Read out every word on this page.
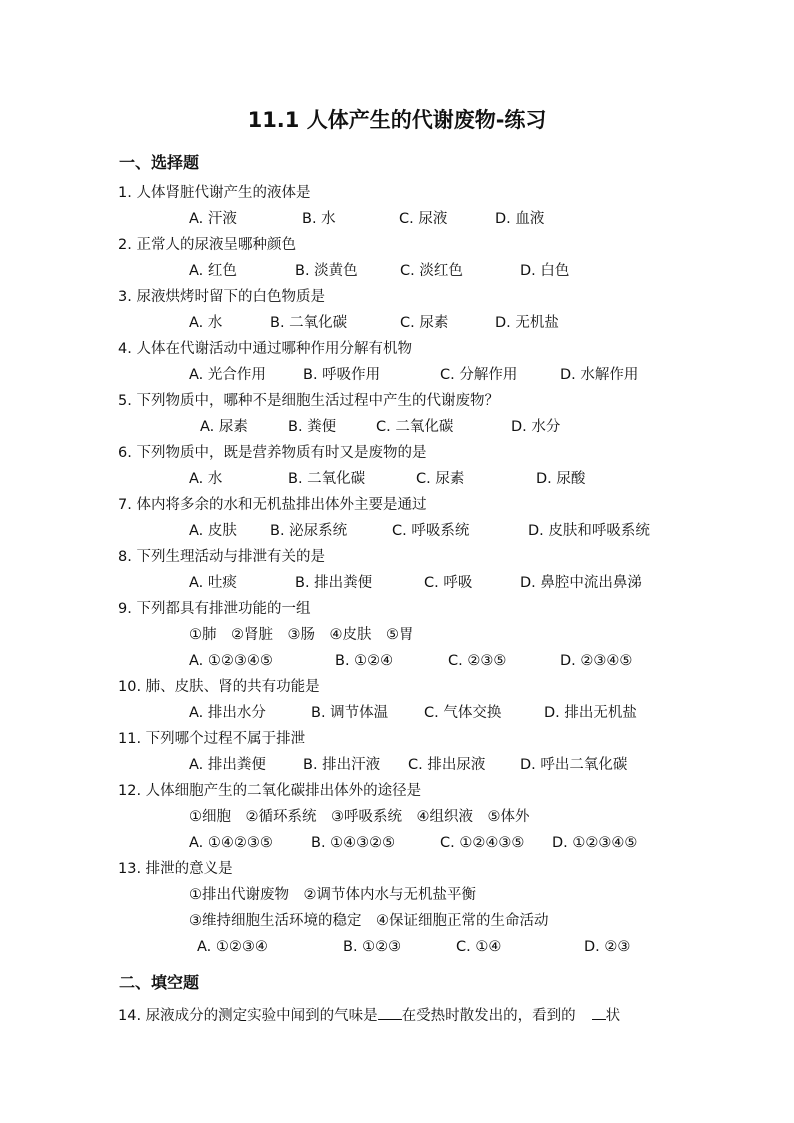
11.1 人体产生的代谢废物-练习
一、选择题
1. 人体肾脏代谢产生的液体是
A. 汗液	B. 水	C. 尿液	D. 血液
2. 正常人的尿液呈哪种颜色
A. 红色	B. 淡黄色	C. 淡红色	D. 白色
3. 尿液烘烤时留下的白色物质是
A. 水	B. 二氧化碳	C. 尿素	D. 无机盐
4. 人体在代谢活动中通过哪种作用分解有机物
A. 光合作用	B. 呼吸作用	C. 分解作用	D. 水解作用
5. 下列物质中，哪种不是细胞生活过程中产生的代谢废物？
A. 尿素	B. 粪便	C. 二氧化碳	D. 水分
6. 下列物质中，既是营养物质有时又是废物的是
A. 水	B. 二氧化碳	C. 尿素	D. 尿酸
7. 体内将多余的水和无机盐排出体外主要是通过
A. 皮肤 B. 泌尿系统	C. 呼吸系统	D. 皮肤和呼吸系统
8. 下列生理活动与排泄有关的是
A. 吐痰	B. 排出粪便	C. 呼吸	D. 鼻腔中流出鼻涕
9. 下列都具有排泄功能的一组
①肺　②肾脏　③肠　④皮肤　⑤胃
A. ①②③④⑤	B. ①②④	C. ②③⑤	D. ②③④⑤
10. 肺、皮肤、肾的共有功能是
A. 排出水分	B. 调节体温 C. 气体交换	D. 排出无机盐
11. 下列哪个过程不属于排泄
A. 排出粪便	B. 排出汗液 C. 排出尿液 D. 呼出二氧化碳
12. 人体细胞产生的二氧化碳排出体外的途径是
①细胞　②循环系统　③呼吸系统　④组织液　⑤体外
A. ①④②③⑤	B. ①④③②⑤	C. ①②④③⑤ D. ①②③④⑤
13. 排泄的意义是
①排出代谢废物　②调节体内水与无机盐平衡
③维持细胞生活环境的稳定　④保证细胞正常的生命活动
A. ①②③④	B. ①②③	C. ①④	D. ②③
二、填空题
14. 尿液成分的测定实验中闻到的气味是 在受热时散发出的，看到的 状
